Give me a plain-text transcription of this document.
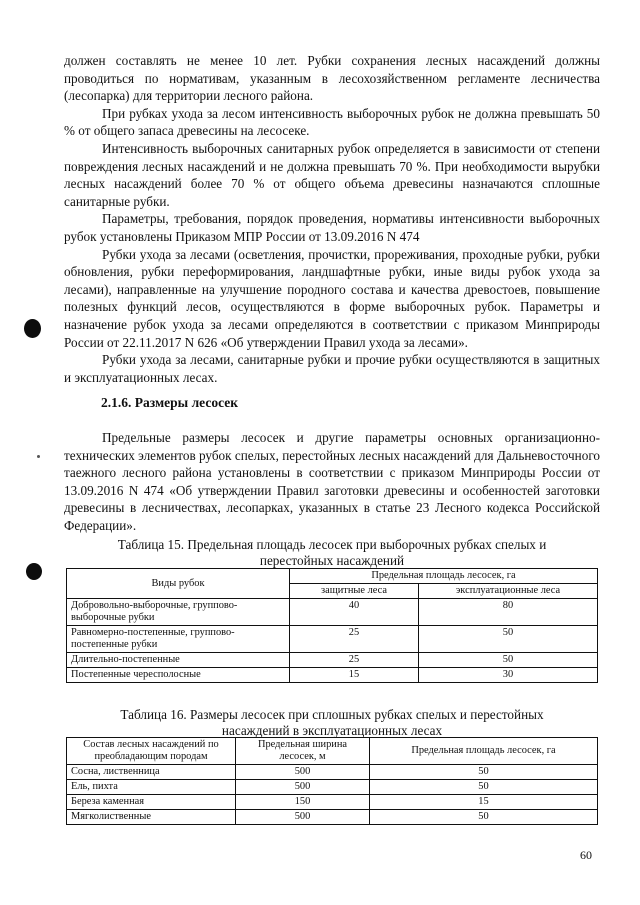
должен составлять не менее 10 лет. Рубки сохранения лесных насаждений должны проводиться по нормативам, указанным в лесохозяйственном регламенте лесничества (лесопарка) для территории лесного района.

При рубках ухода за лесом интенсивность выборочных рубок не должна превышать 50 % от общего запаса древесины на лесосеке.

Интенсивность выборочных санитарных рубок определяется в зависимости от степени повреждения лесных насаждений и не должна превышать 70 %. При необходимости вырубки лесных насаждений более 70 % от общего объема древесины назначаются сплошные санитарные рубки.

Параметры, требования, порядок проведения, нормативы интенсивности выборочных рубок установлены Приказом МПР России от 13.09.2016 N 474

Рубки ухода за лесами (осветления, прочистки, прореживания, проходные рубки, рубки обновления, рубки переформирования, ландшафтные рубки, иные виды рубок ухода за лесами), направленные на улучшение породного состава и качества древостоев, повышение полезных функций лесов, осуществляются в форме выборочных рубок. Параметры и назначение рубок ухода за лесами определяются в соответствии с приказом Минприроды России от 22.11.2017 N 626 «Об утверждении Правил ухода за лесами».

Рубки ухода за лесами, санитарные рубки и прочие рубки осуществляются в защитных и эксплуатационных лесах.

2.1.6. Размеры лесосек

Предельные размеры лесосек и другие параметры основных организационно-технических элементов рубок спелых, перестойных лесных насаждений для Дальневосточного таежного лесного района установлены в соответствии с приказом Минприроды России от 13.09.2016 N 474 «Об утверждении Правил заготовки древесины и особенностей заготовки древесины в лесничествах, лесопарках, указанных в статье 23 Лесного кодекса Российской Федерации».

Таблица 15. Предельная площадь лесосек при выборочных рубках спелых и
перестойных насаждений
Виды рубок	Предельная площадь лесосек, га	
	защитные леса	эксплуатационные леса
Добровольно-выборочные, группово-выборочные рубки	40	80
Равномерно-постепенные, группово-постепенные рубки	25	50
Длительно-постепенные	25	50
Постепенные чересполосные	15	30
Таблица 16. Размеры лесосек при сплошных рубках спелых и перестойных
насаждений в эксплуатационных лесах
Состав лесных насаждений по преобладающим породам	Предельная ширина лесосек, м	Предельная площадь лесосек, га
Сосна, лиственница	500	50
Ель, пихта	500	50
Береза каменная	150	15
Мягколиственные	500	50
60
